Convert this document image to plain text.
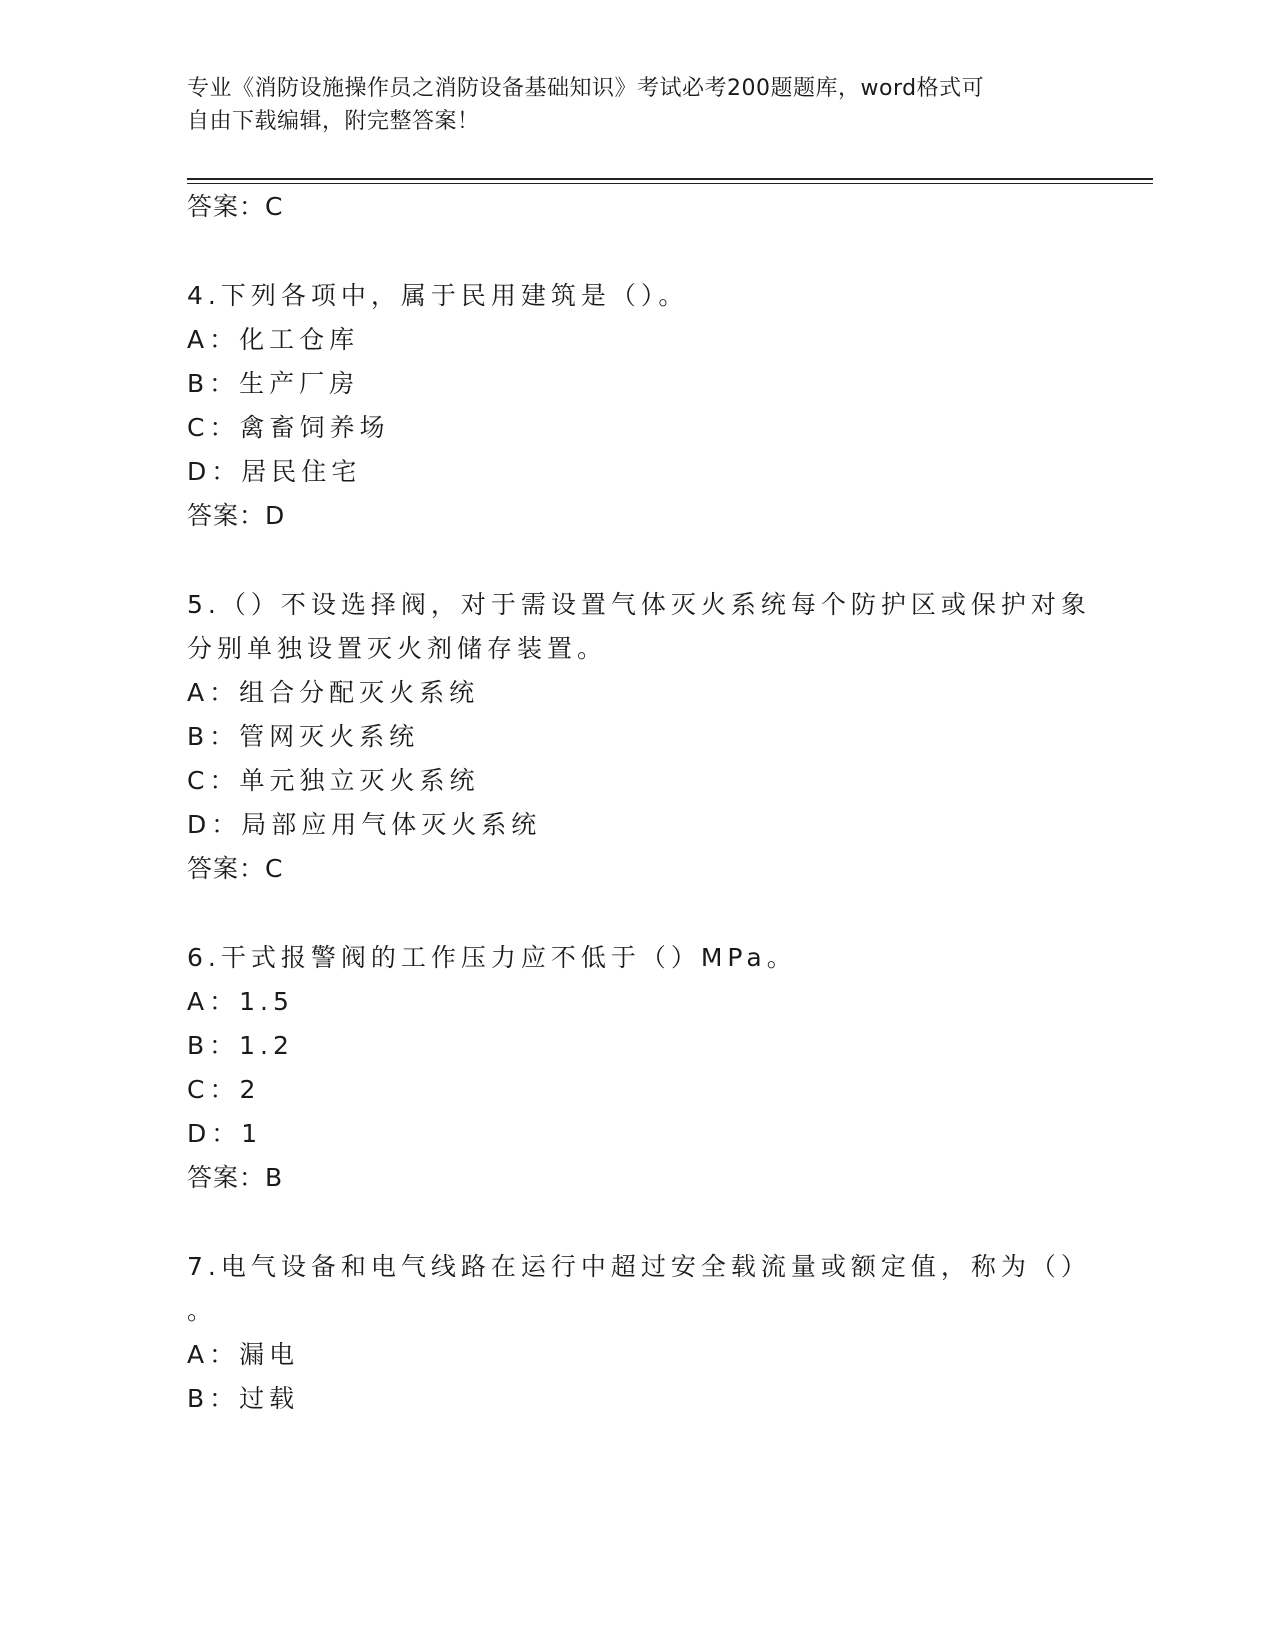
专业《消防设施操作员之消防设备基础知识》考试必考200题题库，word格式可
自由下载编辑，附完整答案！
答案：C
4.下列各项中，属于民用建筑是（）。
A：化工仓库
B：生产厂房
C：禽畜饲养场
D：居民住宅
答案：D
5.（）不设选择阀，对于需设置气体灭火系统每个防护区或保护对象
分别单独设置灭火剂储存装置。
A：组合分配灭火系统
B：管网灭火系统
C：单元独立灭火系统
D：局部应用气体灭火系统
答案：C
6.干式报警阀的工作压力应不低于（）MPa。
A：1.5
B：1.2
C：2
D：1
答案：B
7.电气设备和电气线路在运行中超过安全载流量或额定值，称为（）
。
A：漏电
B：过载
